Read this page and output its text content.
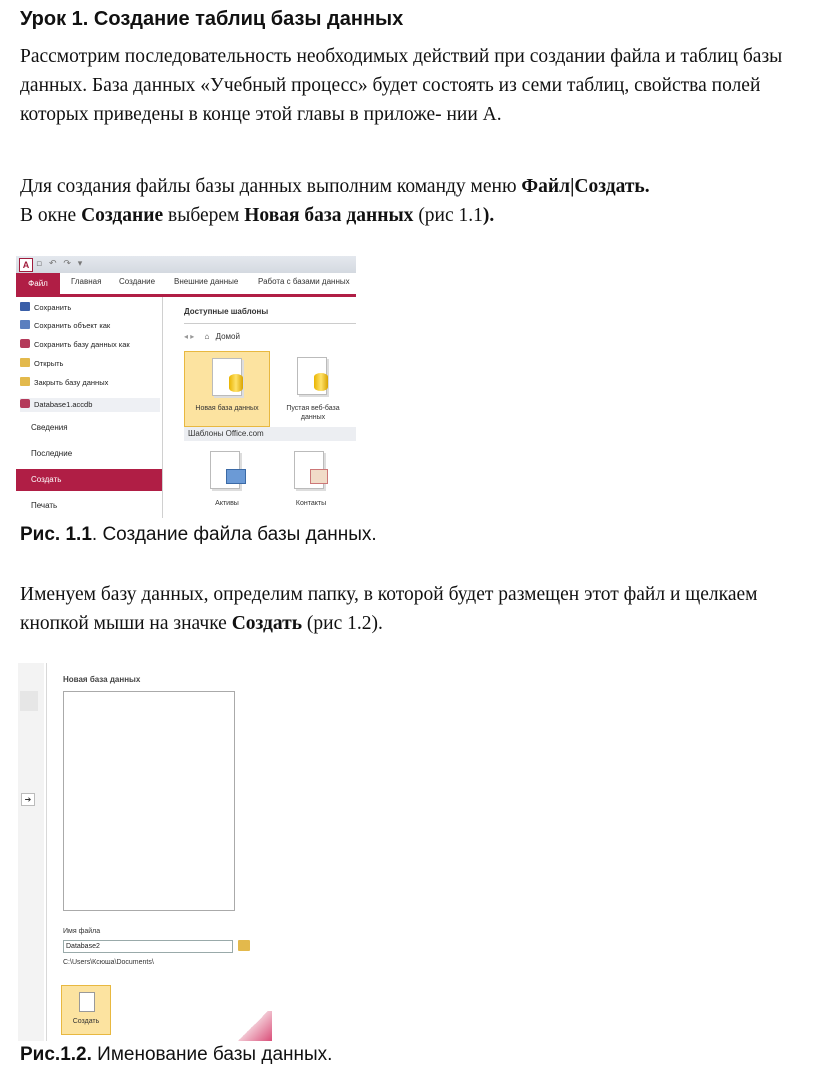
Урок 1. Создание таблиц базы данных
Рассмотрим последовательность необходимых действий при создании файла и таблиц базы данных. База данных «Учебный процесс» будет состоять из семи таблиц, свойства полей которых приведены в конце этой главы в приложе- нии А.
Для создания файлы базы данных выполним команду меню Файл|Создать.
В окне Создание выберем Новая база данных (рис 1.1).
A ▫ ↶ ↷ ▾
Файл	Главная Создание Внешние данные Работа с базами данных
Сохранить
Сохранить объект как
Сохранить базу данных как
Открыть
Закрыть базу данных
Database1.accdb
Сведения
Последние
Создать
Печать
Доступные шаблоны
◂ ▸ ⌂ Домой
Новая база данных	Пустая веб-база данных
Шаблоны Office.com
Активы	Контакты
Рис. 1.1. Создание файла базы данных.
Именуем базу данных, определим папку, в которой будет размещен этот файл и щелкаем кнопкой мыши на значке Создать (рис 1.2).
➔
Новая база данных
Имя файла
Database2
C:\Users\Ксюша\Documents\
Создать
Рис.1.2. Именование базы данных.
